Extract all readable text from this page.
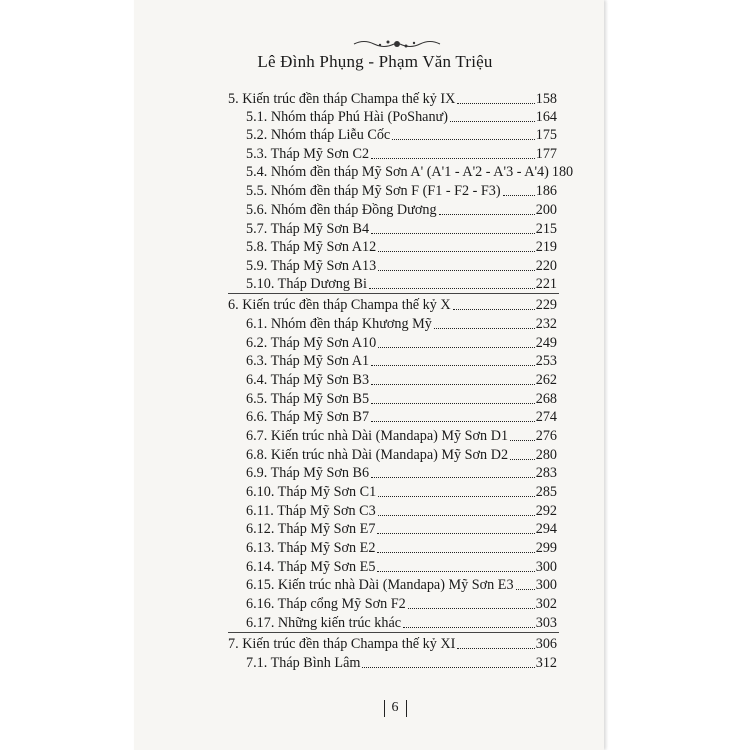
Lê Đình Phụng - Phạm Văn Triệu
5. Kiến trúc đền tháp Champa thế kỷ IX	158
5.1. Nhóm tháp Phú Hài (PoShanư)	164
5.2. Nhóm tháp Liễu Cốc	175
5.3. Tháp Mỹ Sơn C2	177
5.4. Nhóm đền tháp Mỹ Sơn A' (A'1 - A'2 - A'3 - A'4) 180
5.5. Nhóm đền tháp Mỹ Sơn F (F1 - F2 - F3) 186
5.6. Nhóm đền tháp Đồng Dương	200
5.7. Tháp Mỹ Sơn B4	215
5.8. Tháp Mỹ Sơn A12	219
5.9. Tháp Mỹ Sơn A13	220
5.10. Tháp Dương Bi	221
6. Kiến trúc đền tháp Champa thế kỷ X	229
6.1. Nhóm đền tháp Khương Mỹ	232
6.2. Tháp Mỹ Sơn A10	249
6.3. Tháp Mỹ Sơn A1	253
6.4. Tháp Mỹ Sơn B3	262
6.5. Tháp Mỹ Sơn B5	268
6.6. Tháp Mỹ Sơn B7	274
6.7. Kiến trúc nhà Dài (Mandapa) Mỹ Sơn D1 276
6.8. Kiến trúc nhà Dài (Mandapa) Mỹ Sơn D2 280
6.9. Tháp Mỹ Sơn B6	283
6.10. Tháp Mỹ Sơn C1	285
6.11. Tháp Mỹ Sơn C3	292
6.12. Tháp Mỹ Sơn E7	294
6.13. Tháp Mỹ Sơn E2	299
6.14. Tháp Mỹ Sơn E5	300
6.15. Kiến trúc nhà Dài (Mandapa) Mỹ Sơn E3 300
6.16. Tháp cổng Mỹ Sơn F2	302
6.17. Những kiến trúc khác	303
7. Kiến trúc đền tháp Champa thế kỷ XI	306
7.1. Tháp Bình Lâm	312
6
